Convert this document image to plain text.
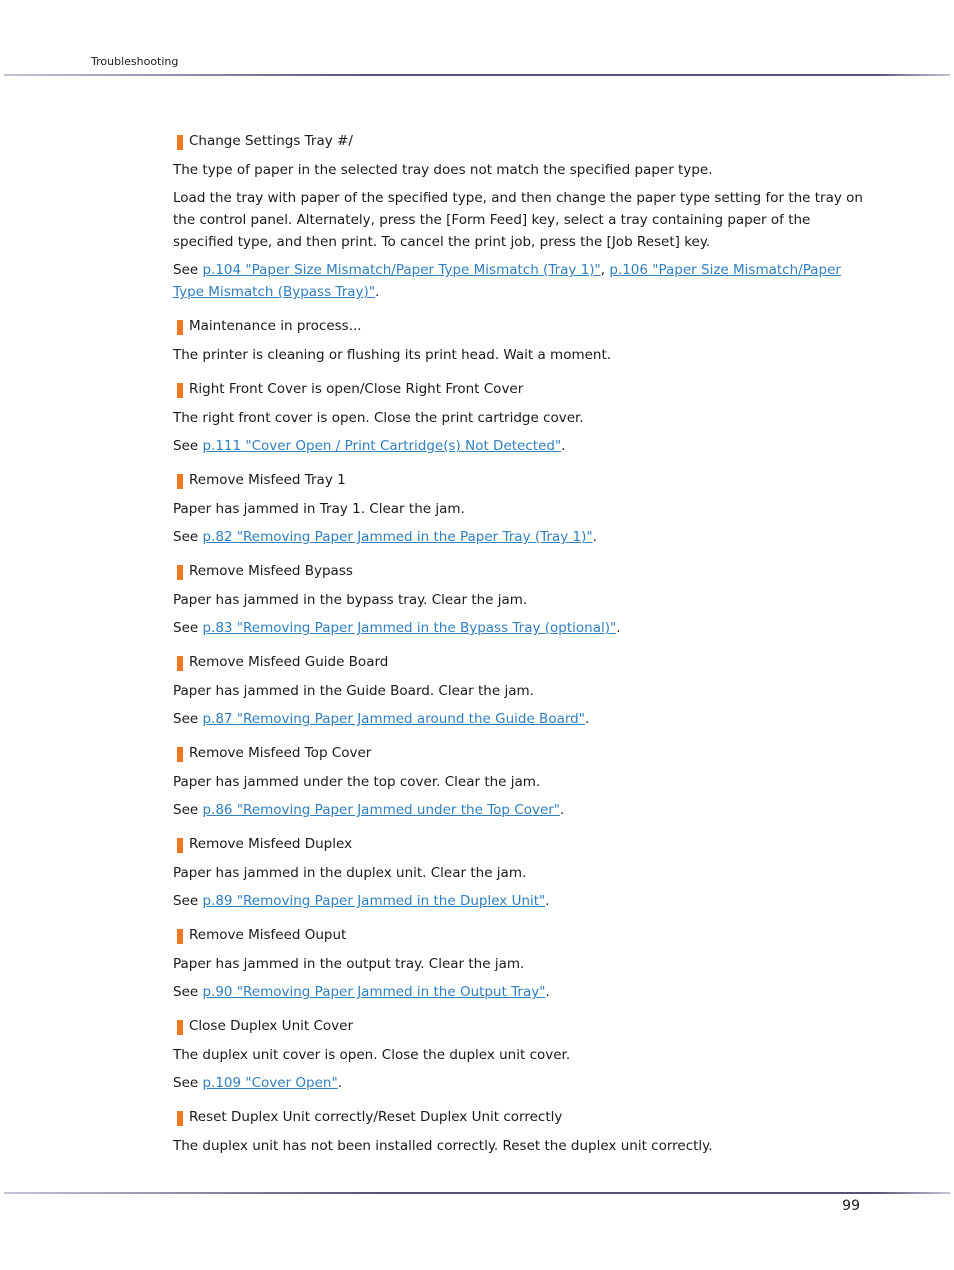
Troubleshooting
Change Settings Tray #/

The type of paper in the selected tray does not match the specified paper type.

Load the tray with paper of the specified type, and then change the paper type setting for the tray on the control panel. Alternately, press the [Form Feed] key, select a tray containing paper of the specified type, and then print. To cancel the print job, press the [Job Reset] key.

See p.104 "Paper Size Mismatch/Paper Type Mismatch (Tray 1)", p.106 "Paper Size Mismatch/Paper Type Mismatch (Bypass Tray)".

Maintenance in process...

The printer is cleaning or flushing its print head. Wait a moment.

Right Front Cover is open/Close Right Front Cover

The right front cover is open. Close the print cartridge cover.

See p.111 "Cover Open / Print Cartridge(s) Not Detected".

Remove Misfeed Tray 1

Paper has jammed in Tray 1. Clear the jam.

See p.82 "Removing Paper Jammed in the Paper Tray (Tray 1)".

Remove Misfeed Bypass

Paper has jammed in the bypass tray. Clear the jam.

See p.83 "Removing Paper Jammed in the Bypass Tray (optional)".

Remove Misfeed Guide Board

Paper has jammed in the Guide Board. Clear the jam.

See p.87 "Removing Paper Jammed around the Guide Board".

Remove Misfeed Top Cover

Paper has jammed under the top cover. Clear the jam.

See p.86 "Removing Paper Jammed under the Top Cover".

Remove Misfeed Duplex

Paper has jammed in the duplex unit. Clear the jam.

See p.89 "Removing Paper Jammed in the Duplex Unit".

Remove Misfeed Ouput

Paper has jammed in the output tray. Clear the jam.

See p.90 "Removing Paper Jammed in the Output Tray".

Close Duplex Unit Cover

The duplex unit cover is open. Close the duplex unit cover.

See p.109 "Cover Open".

Reset Duplex Unit correctly/Reset Duplex Unit correctly

The duplex unit has not been installed correctly. Reset the duplex unit correctly.

99
